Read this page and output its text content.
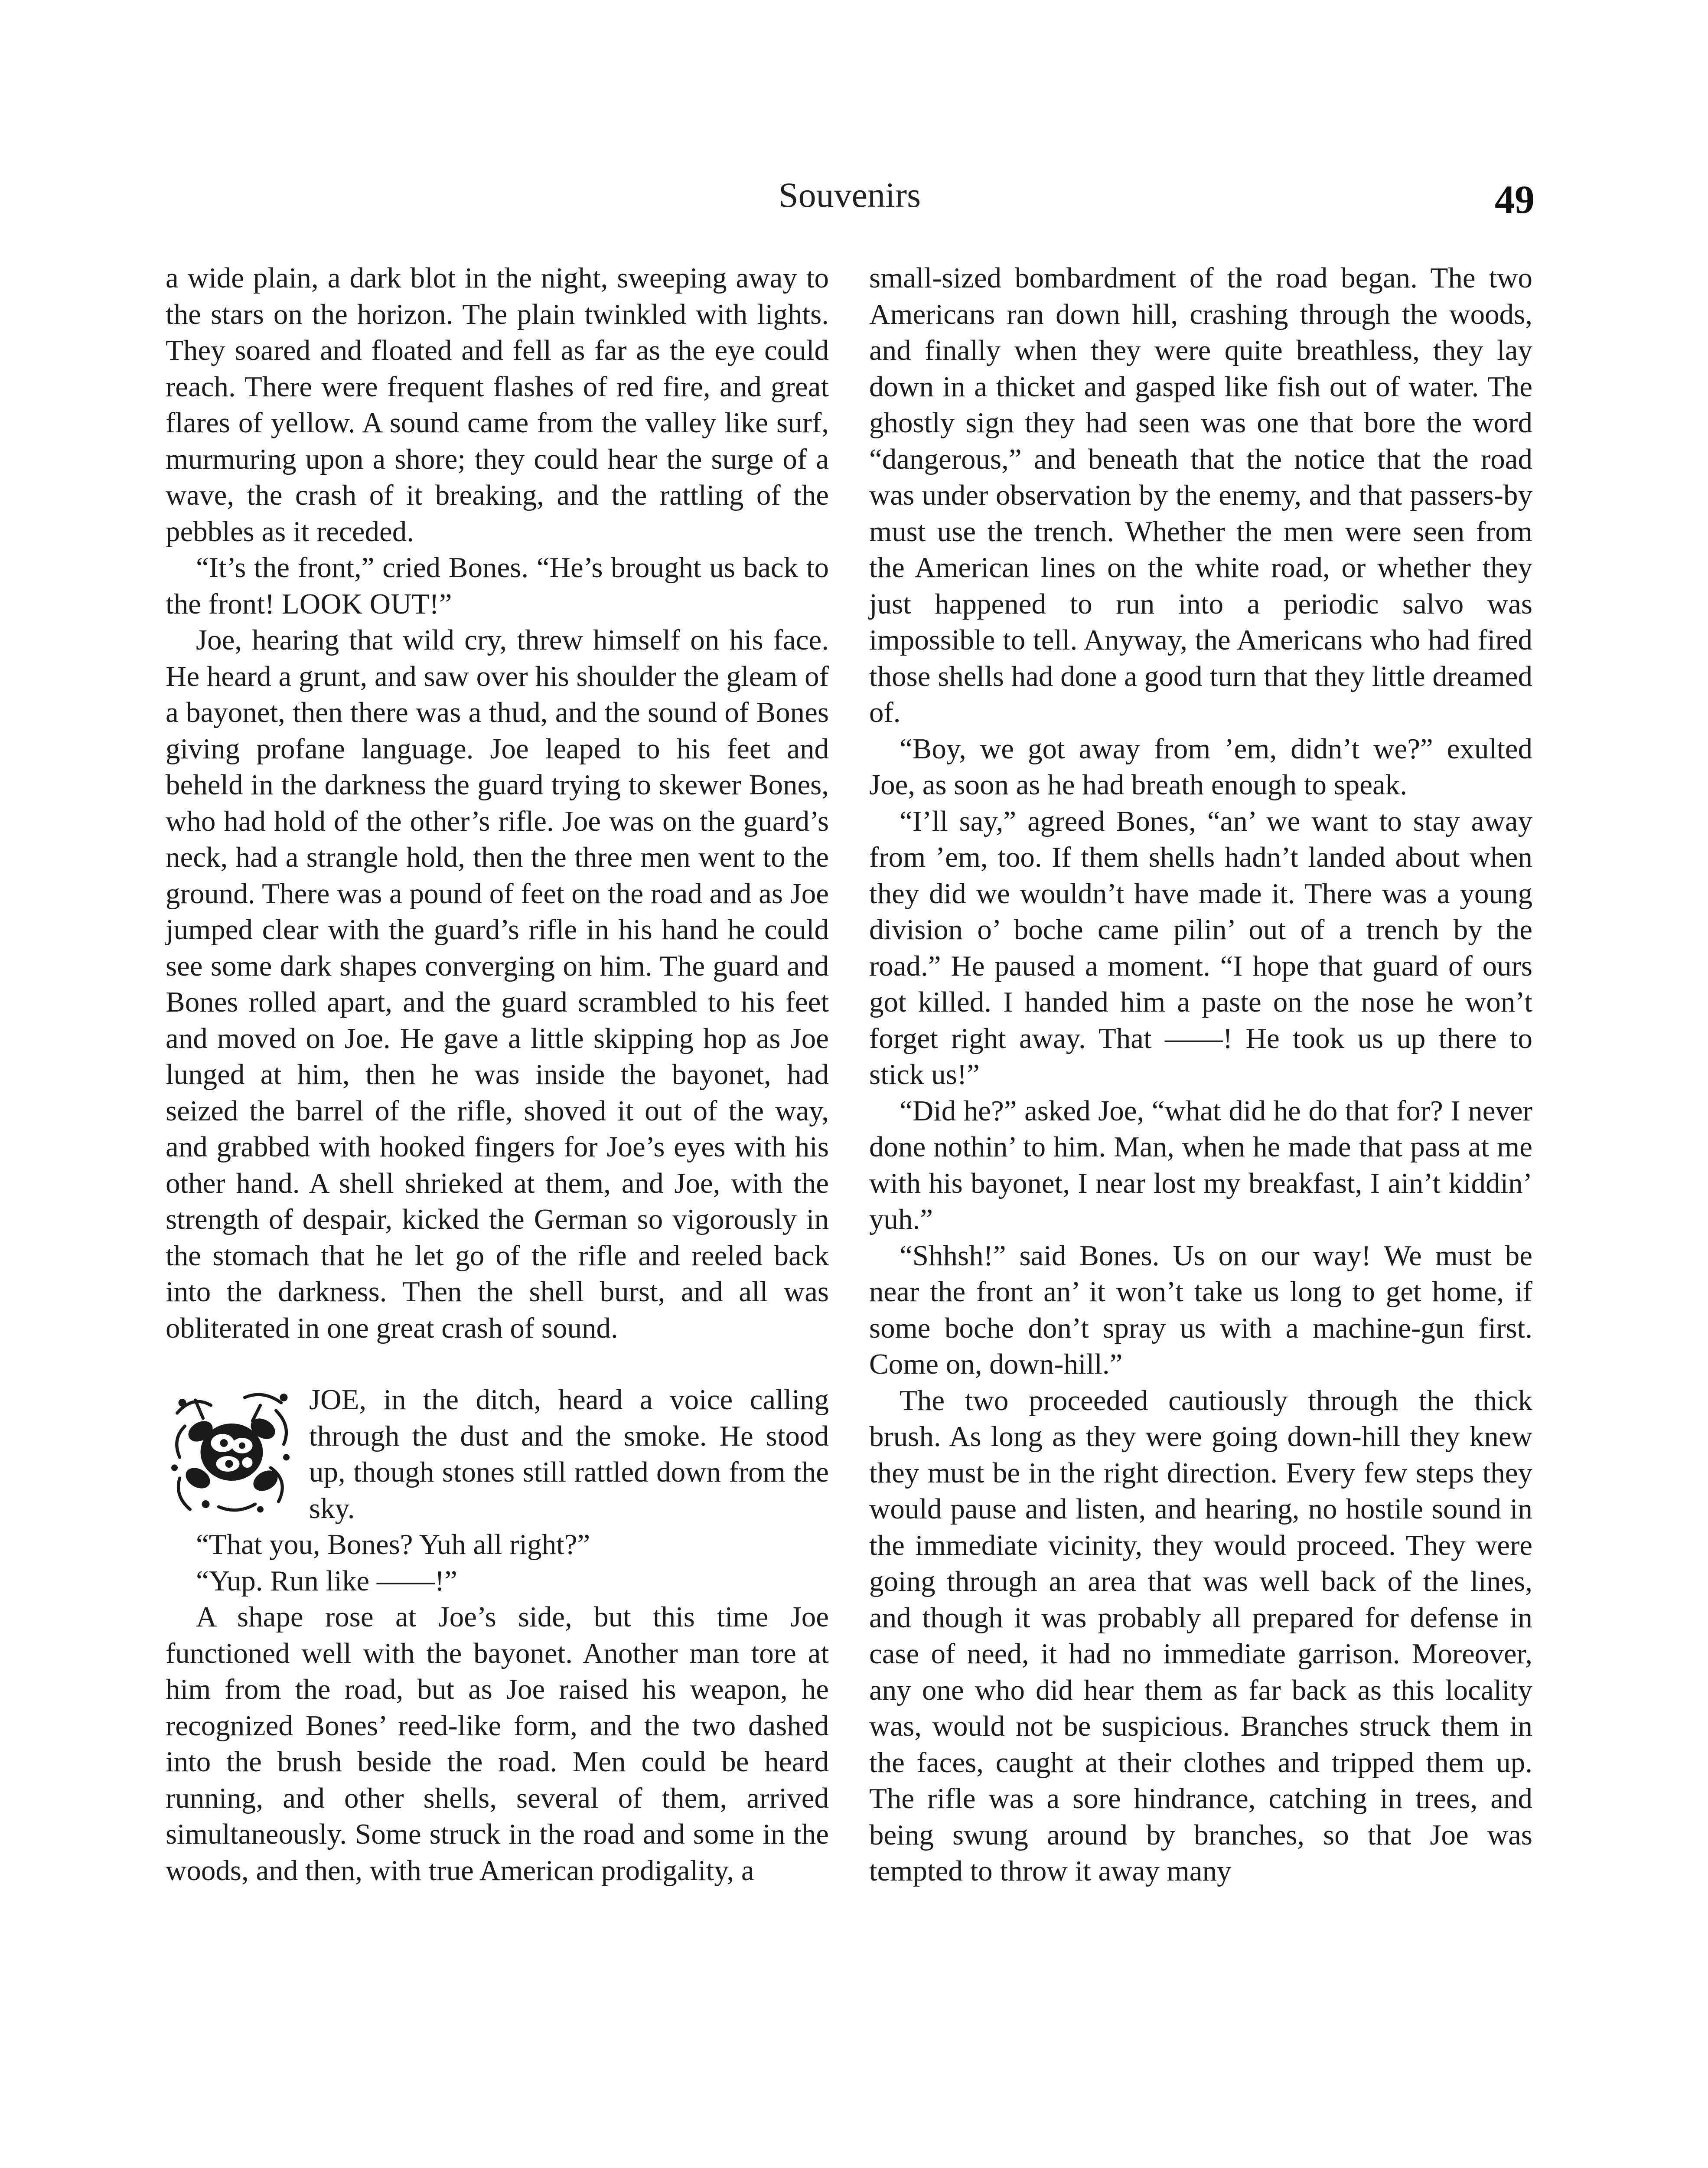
Souvenirs	49

a wide plain, a dark blot in the night, sweeping away to the stars on the horizon. The plain twinkled with lights. They soared and floated and fell as far as the eye could reach. There were frequent flashes of red fire, and great flares of yellow. A sound came from the valley like surf, murmuring upon a shore; they could hear the surge of a wave, the crash of it breaking, and the rattling of the pebbles as it receded.

“It’s the front,” cried Bones. “He’s brought us back to the front! LOOK OUT!”

Joe, hearing that wild cry, threw himself on his face. He heard a grunt, and saw over his shoulder the gleam of a bayonet, then there was a thud, and the sound of Bones giving profane language. Joe leaped to his feet and beheld in the darkness the guard trying to skewer Bones, who had hold of the other’s rifle. Joe was on the guard’s neck, had a strangle hold, then the three men went to the ground. There was a pound of feet on the road and as Joe jumped clear with the guard’s rifle in his hand he could see some dark shapes converging on him. The guard and Bones rolled apart, and the guard scrambled to his feet and moved on Joe. He gave a little skipping hop as Joe lunged at him, then he was inside the bayonet, had seized the barrel of the rifle, shoved it out of the way, and grabbed with hooked fingers for Joe’s eyes with his other hand. A shell shrieked at them, and Joe, with the strength of despair, kicked the German so vigorously in the stomach that he let go of the rifle and reeled back into the darkness. Then the shell burst, and all was obliterated in one great crash of sound.

JOE, in the ditch, heard a voice calling through the dust and the smoke. He stood up, though stones still rattled down from the sky.

“That you, Bones? Yuh all right?”

“Yup. Run like ——!”

A shape rose at Joe’s side, but this time Joe functioned well with the bayonet. Another man tore at him from the road, but as Joe raised his weapon, he recognized Bones’ reed-like form, and the two dashed into the brush beside the road. Men could be heard running, and other shells, several of them, arrived simultaneously. Some struck in the road and some in the woods, and then, with true American prodigality, a

small-sized bombardment of the road began. The two Americans ran down hill, crashing through the woods, and finally when they were quite breathless, they lay down in a thicket and gasped like fish out of water. The ghostly sign they had seen was one that bore the word “dangerous,” and beneath that the notice that the road was under observation by the enemy, and that passers-by must use the trench. Whether the men were seen from the American lines on the white road, or whether they just happened to run into a periodic salvo was impossible to tell. Anyway, the Americans who had fired those shells had done a good turn that they little dreamed of.

“Boy, we got away from ’em, didn’t we?” exulted Joe, as soon as he had breath enough to speak.

“I’ll say,” agreed Bones, “an’ we want to stay away from ’em, too. If them shells hadn’t landed about when they did we wouldn’t have made it. There was a young division o’ boche came pilin’ out of a trench by the road.” He paused a moment. “I hope that guard of ours got killed. I handed him a paste on the nose he won’t forget right away. That ——! He took us up there to stick us!”

“Did he?” asked Joe, “what did he do that for? I never done nothin’ to him. Man, when he made that pass at me with his bayonet, I near lost my breakfast, I ain’t kiddin’ yuh.”

“Shhsh!” said Bones. Us on our way! We must be near the front an’ it won’t take us long to get home, if some boche don’t spray us with a machine-gun first. Come on, down-hill.”

The two proceeded cautiously through the thick brush. As long as they were going down-hill they knew they must be in the right direction. Every few steps they would pause and listen, and hearing, no hostile sound in the immediate vicinity, they would proceed. They were going through an area that was well back of the lines, and though it was probably all prepared for defense in case of need, it had no immediate garrison. Moreover, any one who did hear them as far back as this locality was, would not be suspicious. Branches struck them in the faces, caught at their clothes and tripped them up. The rifle was a sore hindrance, catching in trees, and being swung around by branches, so that Joe was tempted to throw it away many
